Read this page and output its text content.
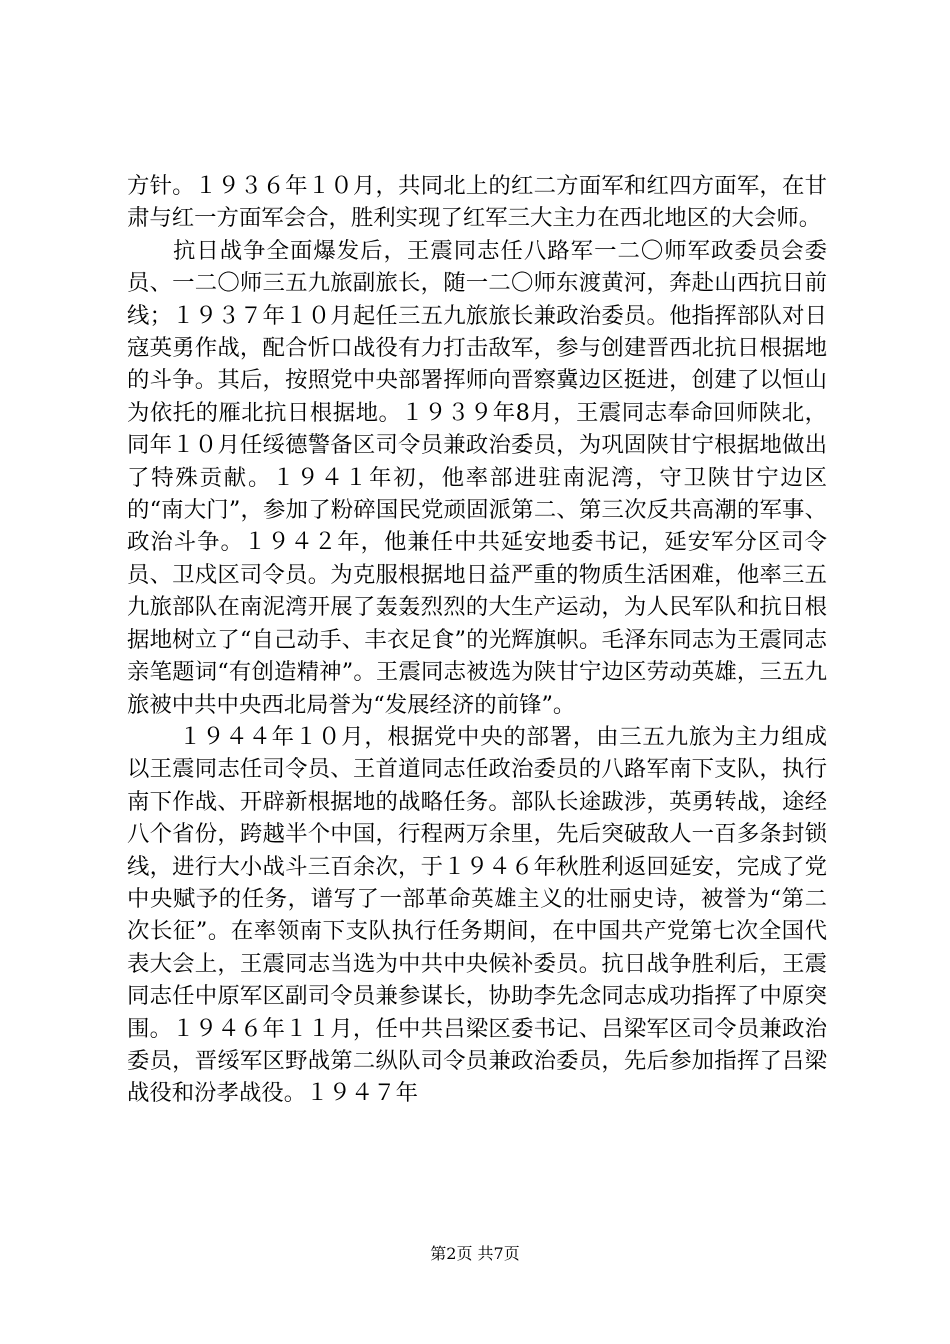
方针。１９３６年１０月，共同北上的红二方面军和红四方面军，在甘肃与红一方面军会合，胜利实现了红军三大主力在西北地区的大会师。

抗日战争全面爆发后，王震同志任八路军一二〇师军政委员会委员、一二〇师三五九旅副旅长，随一二〇师东渡黄河，奔赴山西抗日前线；１９３７年１０月起任三五九旅旅长兼政治委员。他指挥部队对日寇英勇作战，配合忻口战役有力打击敌军，参与创建晋西北抗日根据地的斗争。其后，按照党中央部署挥师向晋察冀边区挺进，创建了以恒山为依托的雁北抗日根据地。１９３９年8月，王震同志奉命回师陕北，同年１０月任绥德警备区司令员兼政治委员，为巩固陕甘宁根据地做出了特殊贡献。１９４１年初，他率部进驻南泥湾，守卫陕甘宁边区的“南大门”，参加了粉碎国民党顽固派第二、第三次反共高潮的军事、政治斗争。１９４２年，他兼任中共延安地委书记，延安军分区司令员、卫戍区司令员。为克服根据地日益严重的物质生活困难，他率三五九旅部队在南泥湾开展了轰轰烈烈的大生产运动，为人民军队和抗日根据地树立了“自己动手、丰衣足食”的光辉旗帜。毛泽东同志为王震同志亲笔题词“有创造精神”。王震同志被选为陕甘宁边区劳动英雄，三五九旅被中共中央西北局誉为“发展经济的前锋”。

１９４４年１０月，根据党中央的部署，由三五九旅为主力组成以王震同志任司令员、王首道同志任政治委员的八路军南下支队，执行南下作战、开辟新根据地的战略任务。部队长途跋涉，英勇转战，途经八个省份，跨越半个中国，行程两万余里，先后突破敌人一百多条封锁线，进行大小战斗三百余次，于１９４６年秋胜利返回延安，完成了党中央赋予的任务，谱写了一部革命英雄主义的壮丽史诗，被誉为“第二次长征”。在率领南下支队执行任务期间，在中国共产党第七次全国代表大会上，王震同志当选为中共中央候补委员。抗日战争胜利后，王震同志任中原军区副司令员兼参谋长，协助李先念同志成功指挥了中原突围。１９４６年１１月，任中共吕梁区委书记、吕梁军区司令员兼政治委员，晋绥军区野战第二纵队司令员兼政治委员，先后参加指挥了吕梁战役和汾孝战役。１９４７年

第2页 共7页
